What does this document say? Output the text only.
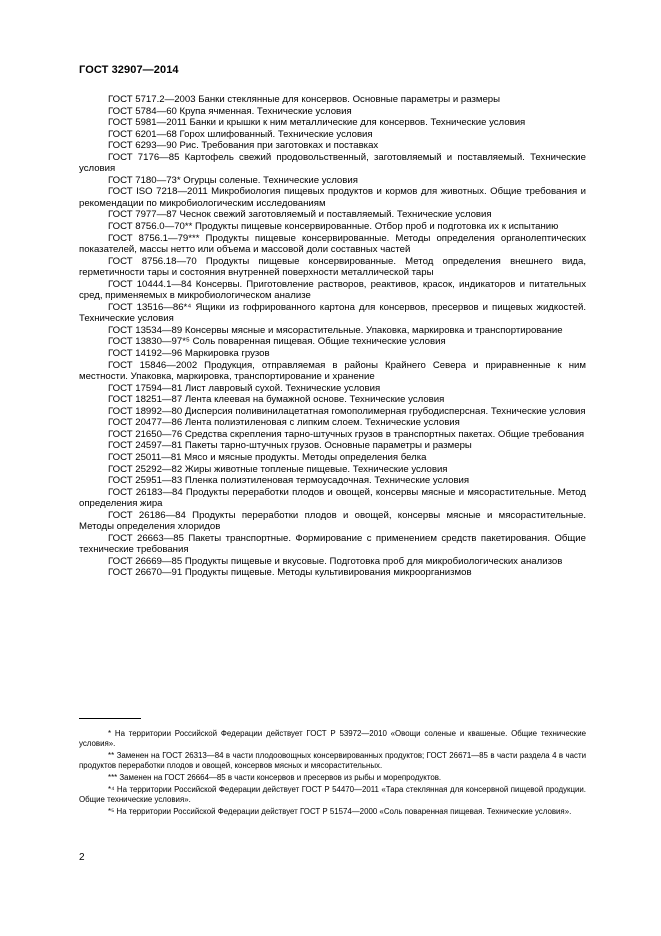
ГОСТ 32907—2014
ГОСТ 5717.2—2003 Банки стеклянные для консервов. Основные параметры и размеры
ГОСТ 5784—60 Крупа ячменная. Технические условия
ГОСТ 5981—2011 Банки и крышки к ним металлические для консервов. Технические условия
ГОСТ 6201—68 Горох шлифованный. Технические условия
ГОСТ 6293—90 Рис. Требования при заготовках и поставках
ГОСТ 7176—85 Картофель свежий продовольственный, заготовляемый и поставляемый. Технические условия
ГОСТ 7180—73* Огурцы соленые. Технические условия
ГОСТ ISO 7218—2011 Микробиология пищевых продуктов и кормов для животных. Общие требования и рекомендации по микробиологическим исследованиям
ГОСТ 7977—87 Чеснок свежий заготовляемый и поставляемый. Технические условия
ГОСТ 8756.0—70** Продукты пищевые консервированные. Отбор проб и подготовка их к испытанию
ГОСТ 8756.1—79*** Продукты пищевые консервированные. Методы определения органолептических показателей, массы нетто или объема и массовой доли составных частей
ГОСТ 8756.18—70 Продукты пищевые консервированные. Метод определения внешнего вида, герметичности тары и состояния внутренней поверхности металлической тары
ГОСТ 10444.1—84 Консервы. Приготовление растворов, реактивов, красок, индикаторов и питательных сред, применяемых в микробиологическом анализе
ГОСТ 13516—86*⁴ Ящики из гофрированного картона для консервов, пресервов и пищевых жидкостей. Технические условия
ГОСТ 13534—89 Консервы мясные и мясорастительные. Упаковка, маркировка и транспортирование
ГОСТ 13830—97*⁵ Соль поваренная пищевая. Общие технические условия
ГОСТ 14192—96 Маркировка грузов
ГОСТ 15846—2002 Продукция, отправляемая в районы Крайнего Севера и приравненные к ним местности. Упаковка, маркировка, транспортирование и хранение
ГОСТ 17594—81 Лист лавровый сухой. Технические условия
ГОСТ 18251—87 Лента клеевая на бумажной основе. Технические условия
ГОСТ 18992—80 Дисперсия поливинилацетатная гомополимерная грубодисперсная. Технические условия
ГОСТ 20477—86 Лента полиэтиленовая с липким слоем. Технические условия
ГОСТ 21650—76 Средства скрепления тарно-штучных грузов в транспортных пакетах. Общие требования
ГОСТ 24597—81 Пакеты тарно-штучных грузов. Основные параметры и размеры
ГОСТ 25011—81 Мясо и мясные продукты. Методы определения белка
ГОСТ 25292—82 Жиры животные топленые пищевые. Технические условия
ГОСТ 25951—83 Пленка полиэтиленовая термоусадочная. Технические условия
ГОСТ 26183—84 Продукты переработки плодов и овощей, консервы мясные и мясорастительные. Метод определения жира
ГОСТ 26186—84 Продукты переработки плодов и овощей, консервы мясные и мясорастительные. Методы определения хлоридов
ГОСТ 26663—85 Пакеты транспортные. Формирование с применением средств пакетирования. Общие технические требования
ГОСТ 26669—85 Продукты пищевые и вкусовые. Подготовка проб для микробиологических анализов
ГОСТ 26670—91 Продукты пищевые. Методы культивирования микроорганизмов
* На территории Российской Федерации действует ГОСТ Р 53972—2010 «Овощи соленые и квашеные. Общие технические условия».
** Заменен на ГОСТ 26313—84 в части плодоовощных консервированных продуктов; ГОСТ 26671—85 в части раздела 4 в части продуктов переработки плодов и овощей, консервов мясных и мясорастительных.
*** Заменен на ГОСТ 26664—85 в части консервов и пресервов из рыбы и морепродуктов.
*⁴ На территории Российской Федерации действует ГОСТ Р 54470—2011 «Тара стеклянная для консервной пищевой продукции. Общие технические условия».
*⁵ На территории Российской Федерации действует ГОСТ Р 51574—2000 «Соль поваренная пищевая. Технические условия».
2
